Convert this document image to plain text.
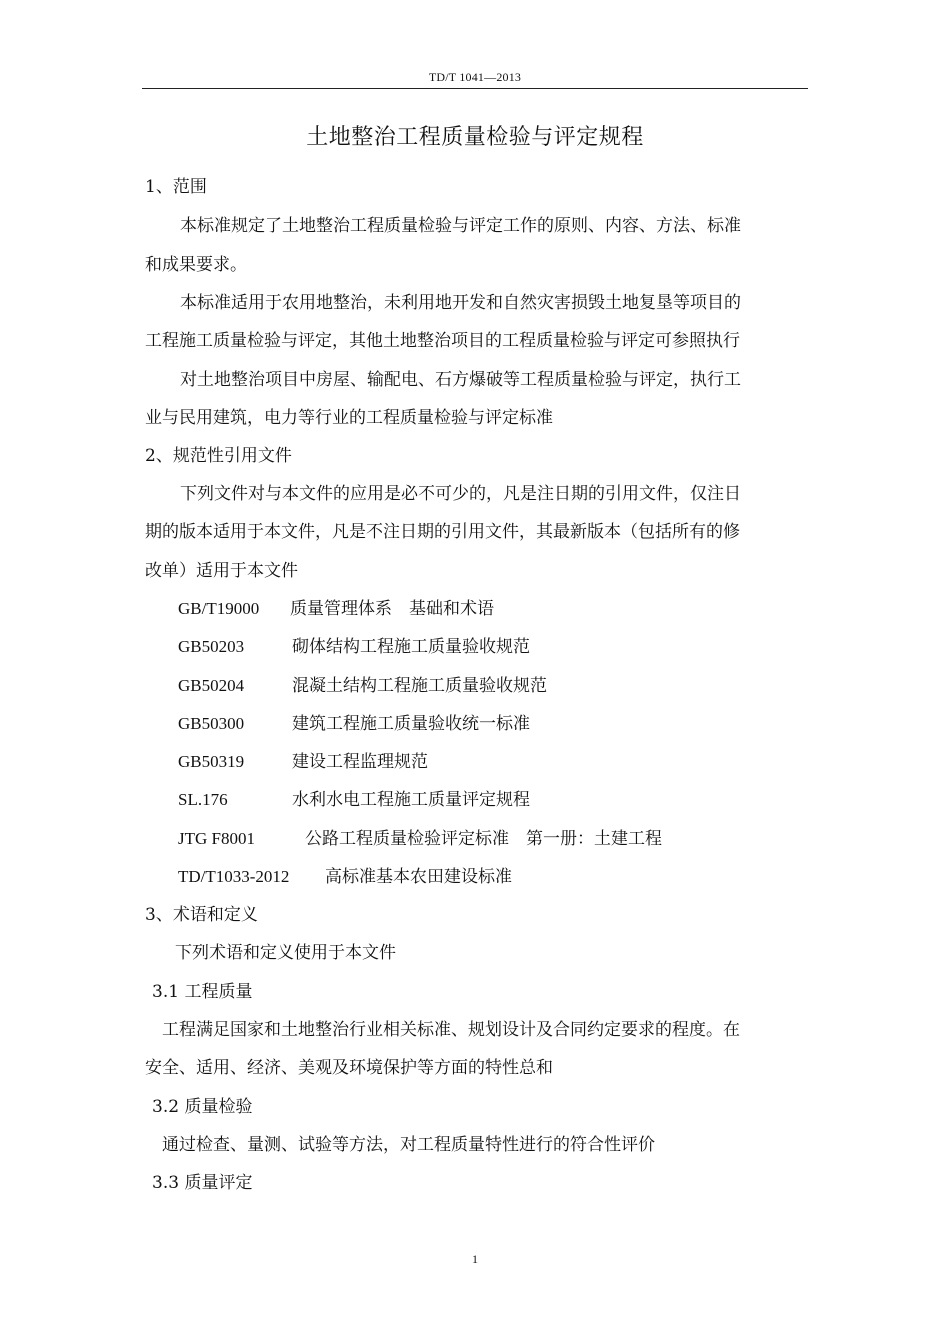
TD/T 1041—2013
土地整治工程质量检验与评定规程
1、范围
本标准规定了土地整治工程质量检验与评定工作的原则、内容、方法、标准
和成果要求。
本标准适用于农用地整治，未利用地开发和自然灾害损毁土地复垦等项目的
工程施工质量检验与评定，其他土地整治项目的工程质量检验与评定可参照执行
对土地整治项目中房屋、输配电、石方爆破等工程质量检验与评定，执行工
业与民用建筑，电力等行业的工程质量检验与评定标准
2、规范性引用文件
下列文件对与本文件的应用是必不可少的，凡是注日期的引用文件，仅注日
期的版本适用于本文件，凡是不注日期的引用文件，其最新版本（包括所有的修
改单）适用于本文件
GB/T19000 质量管理体系　基础和术语
GB50203	砌体结构工程施工质量验收规范
GB50204	混凝土结构工程施工质量验收规范
GB50300	建筑工程施工质量验收统一标准
GB50319	建设工程监理规范
SL.176	水利水电工程施工质量评定规程
JTG F8001	公路工程质量检验评定标准　第一册：土建工程
TD/T1033-2012 高标准基本农田建设标准
3、术语和定义
下列术语和定义使用于本文件
3.1 工程质量
工程满足国家和土地整治行业相关标准、规划设计及合同约定要求的程度。在
安全、适用、经济、美观及环境保护等方面的特性总和
3.2 质量检验
通过检查、量测、试验等方法，对工程质量特性进行的符合性评价
3.3 质量评定
1
